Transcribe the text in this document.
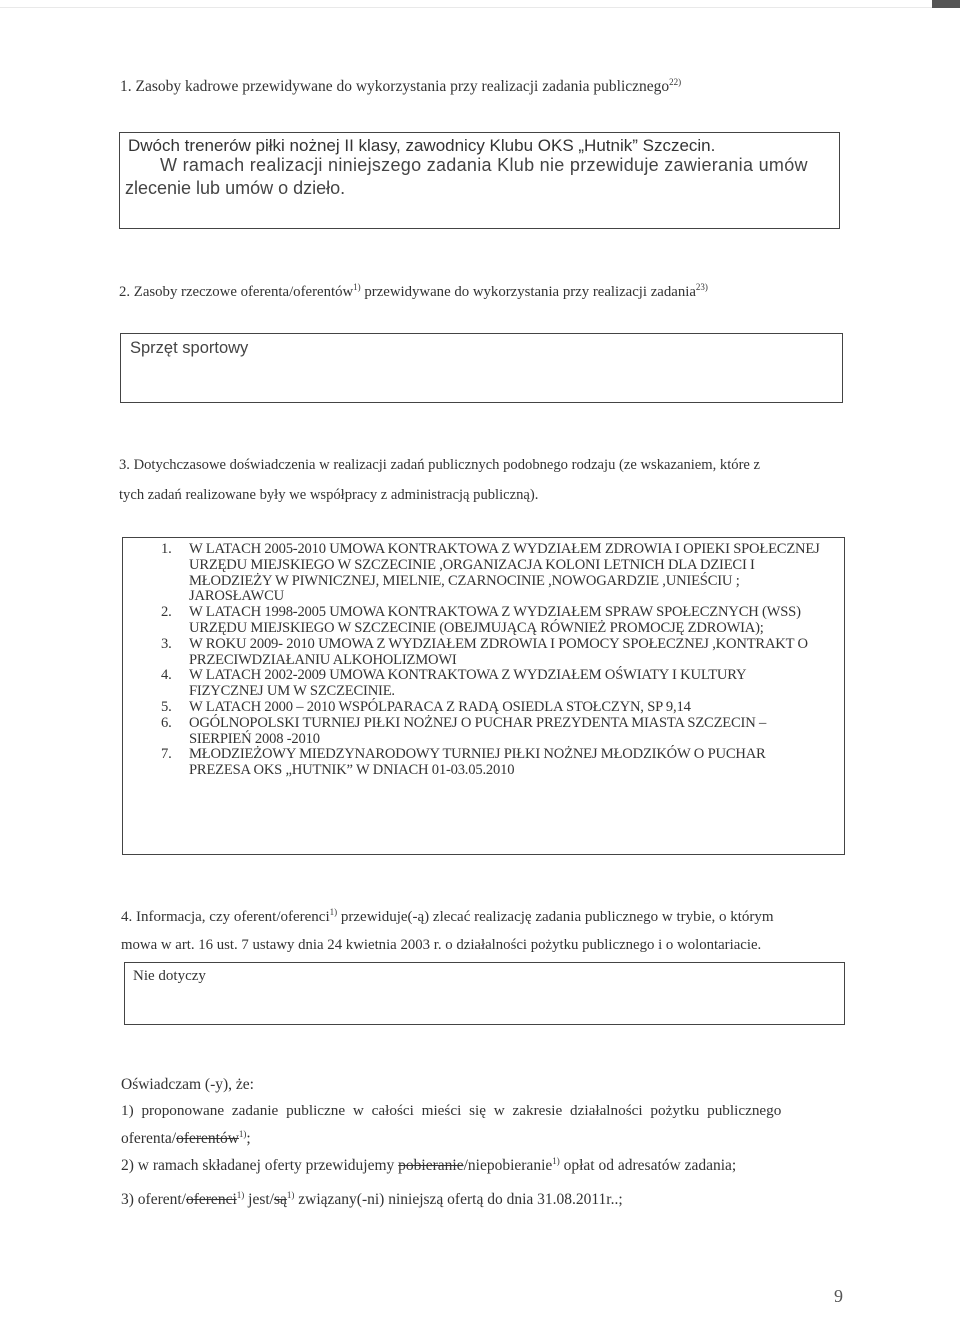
1. Zasoby kadrowe przewidywane do wykorzystania przy realizacji zadania publicznego$^{22)}$
Dwóch trenerów piłki nożnej II klasy, zawodnicy Klubu OKS „Hutnik” Szczecin.
W ramach realizacji niniejszego zadania Klub nie przewiduje zawierania umów
zlecenie lub umów o dzieło.
2. Zasoby rzeczowe oferenta/oferentów$^{1)}$ przewidywane do wykorzystania przy realizacji zadania$^{23)}$
Sprzęt sportowy
3. Dotychczasowe doświadczenia w realizacji zadań publicznych podobnego rodzaju (ze wskazaniem, które z
tych zadań realizowane były we współpracy z administracją publiczną).
1. W LATACH 2005-2010 UMOWA KONTRAKTOWA Z WYDZIAŁEM ZDROWIA I OPIEKI SPOŁECZNEJ URZĘDU MIEJSKIEGO W SZCZECINIE ,ORGANIZACJA KOLONI LETNICH DLA DZIECI I MŁODZIEŻY W PIWNICZNEJ, MIELNIE, CZARNOCINIE ,NOWOGARDZIE ,UNIEŚCIU ; JAROSŁAWCU
2. W LATACH 1998-2005 UMOWA KONTRAKTOWA Z WYDZIAŁEM SPRAW SPOŁECZNYCH (WSS) URZĘDU MIEJSKIEGO W SZCZECINIE (OBEJMUJĄCĄ RÓWNIEŻ PROMOCJĘ ZDROWIA);
3. W ROKU 2009- 2010 UMOWA Z WYDZIAŁEM ZDROWIA I POMOCY SPOŁECZNEJ ,KONTRAKT O PRZECIWDZIAŁANIU ALKOHOLIZMOWI
4. W LATACH 2002-2009 UMOWA KONTRAKTOWA Z WYDZIAŁEM OŚWIATY I KULTURY FIZYCZNEJ UM W SZCZECINIE.
5. W LATACH 2000 – 2010 WSPÓLPARACA Z RADĄ OSIEDLA STOŁCZYN, SP 9,14
6. OGÓLNOPOLSKI TURNIEJ PIŁKI NOŻNEJ O PUCHAR PREZYDENTA MIASTA SZCZECIN – SIERPIEŃ 2008 -2010
7. MŁODZIEŻOWY MIEDZYNARODOWY TURNIEJ PIŁKI NOŻNEJ MŁODZIKÓW O PUCHAR PREZESA OKS „HUTNIK” W DNIACH 01-03.05.2010
4. Informacja, czy oferent/oferenci$^{1)}$ przewiduje(-ą) zlecać realizację zadania publicznego w trybie, o którym
mowa w art. 16 ust. 7 ustawy dnia 24 kwietnia 2003 r. o działalności pożytku publicznego i o wolontariacie.
Nie dotyczy
Oświadczam (-y), że:
1) proponowane zadanie publiczne w całości mieści się w zakresie działalności pożytku publicznego
oferenta/oferentów$^{1)}$;
2) w ramach składanej oferty przewidujemy pobieranie/niepobieranie$^{1)}$ opłat od adresatów zadania;
3) oferent/oferenci$^{1)}$ jest/$są^{1)}$ związany(-ni) niniejszą ofertą do dnia 31.08.2011r..;
9
